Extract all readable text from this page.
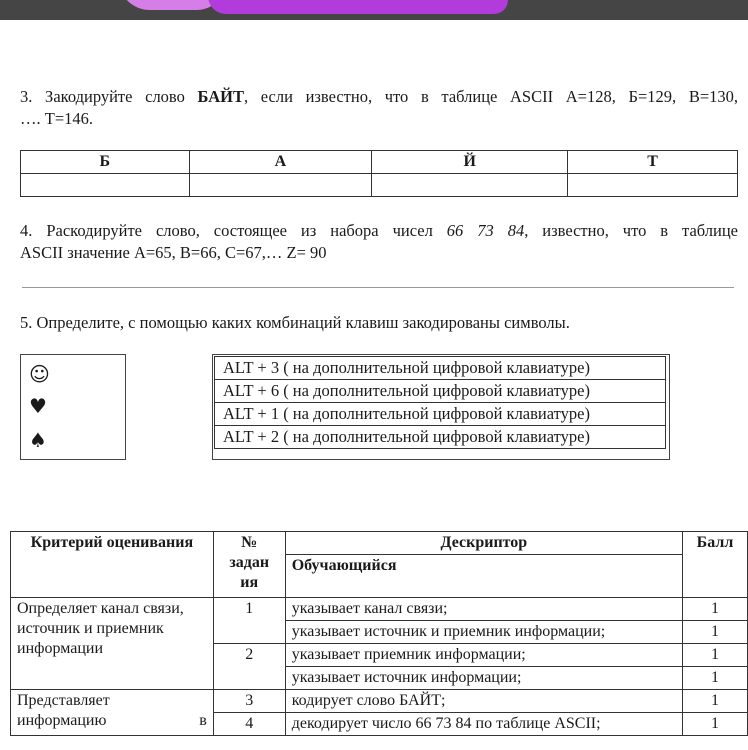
3. Закодируйте слово БАЙТ, если известно, что в таблице ASCII А=128, Б=129, В=130,

…. Т=146.

Б	А	Й	Т

4. Раскодируйте слово, состоящее из набора чисел 66 73 84, известно, что в таблице

ASCII значение A=65, B=66, C=67,… Z= 90

5. Определите, с помощью каких комбинаций клавиш закодированы символы.

☺
♥
♠
ALT + 3 ( на дополнительной цифровой клавиатуре)
ALT + 6 ( на дополнительной цифровой клавиатуре)
ALT + 1 ( на дополнительной цифровой клавиатуре)
ALT + 2 ( на дополнительной цифровой клавиатуре)
Критерий оценивания	№ задан ия	Дескриптор	Балл
		Обучающийся	
Определяет канал связи, источник и приемник информации	1	указывает канал связи;	1
		указывает источник и приемник информации;	1
	2	указывает приемник информации;	1
		указывает источник информации;	1

Представляет
информацию в	3	кодирует слово БАЙТ;	1
	4	декодирует число 66 73 84 по таблице ASCII;	1
